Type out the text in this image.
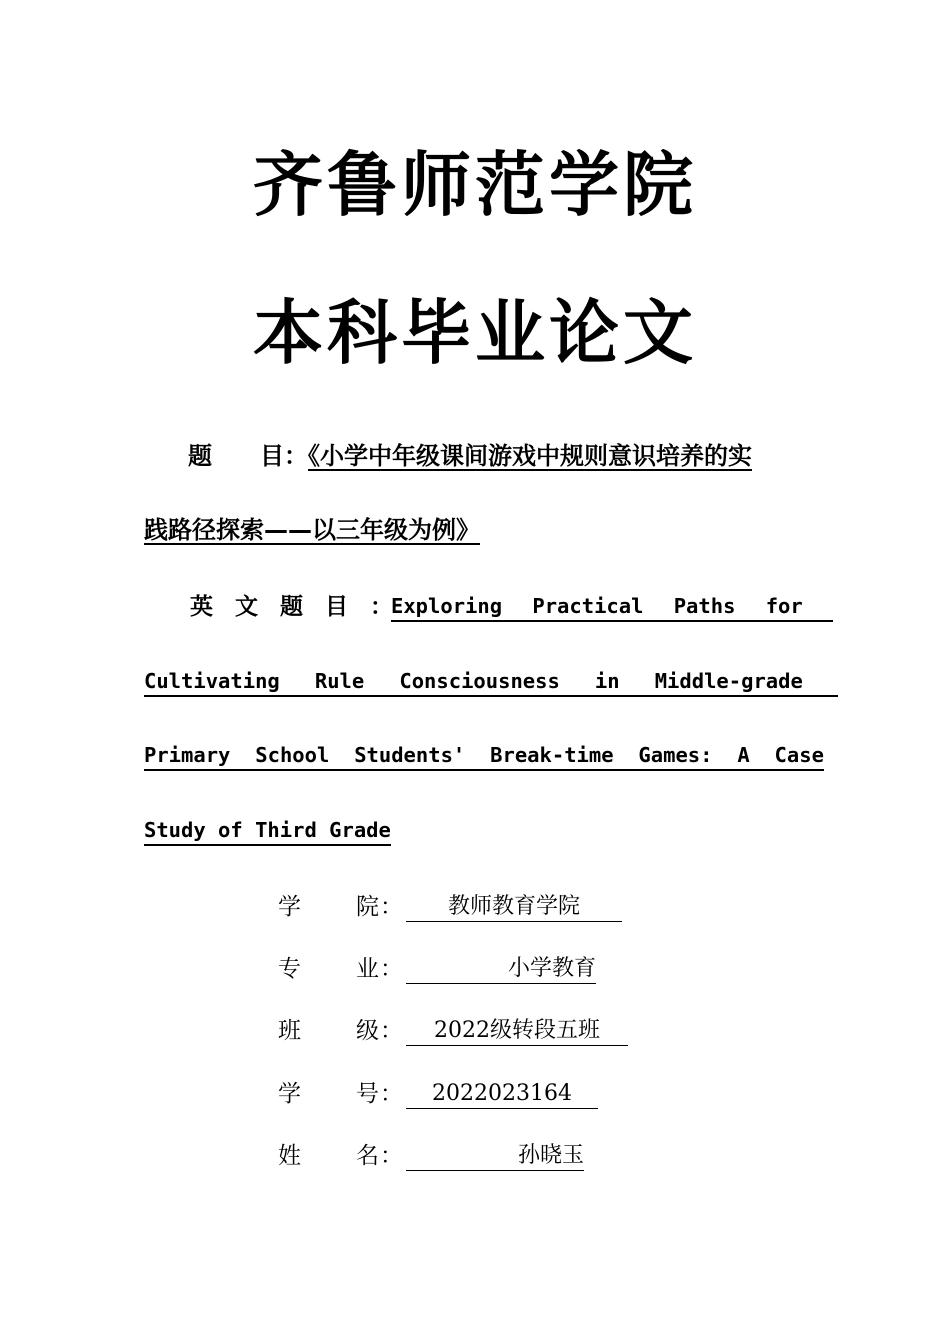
齐鲁师范学院
本科毕业论文
题　　目：《小学中年级课间游戏中规则意识培养的实
践路径探索——以三年级为例》
英 文 题 目 ：
Exploring Practical Paths for
Cultivating Rule Consciousness in Middle-grade
Primary School Students' Break-time Games: A Case
Study of Third Grade
学 院 ：	教师教育学院
专 业 ：	小学教育
班 级 ：	2022级转段五班
学 号 ：	2022023164
姓 名 ：	孙晓玉
